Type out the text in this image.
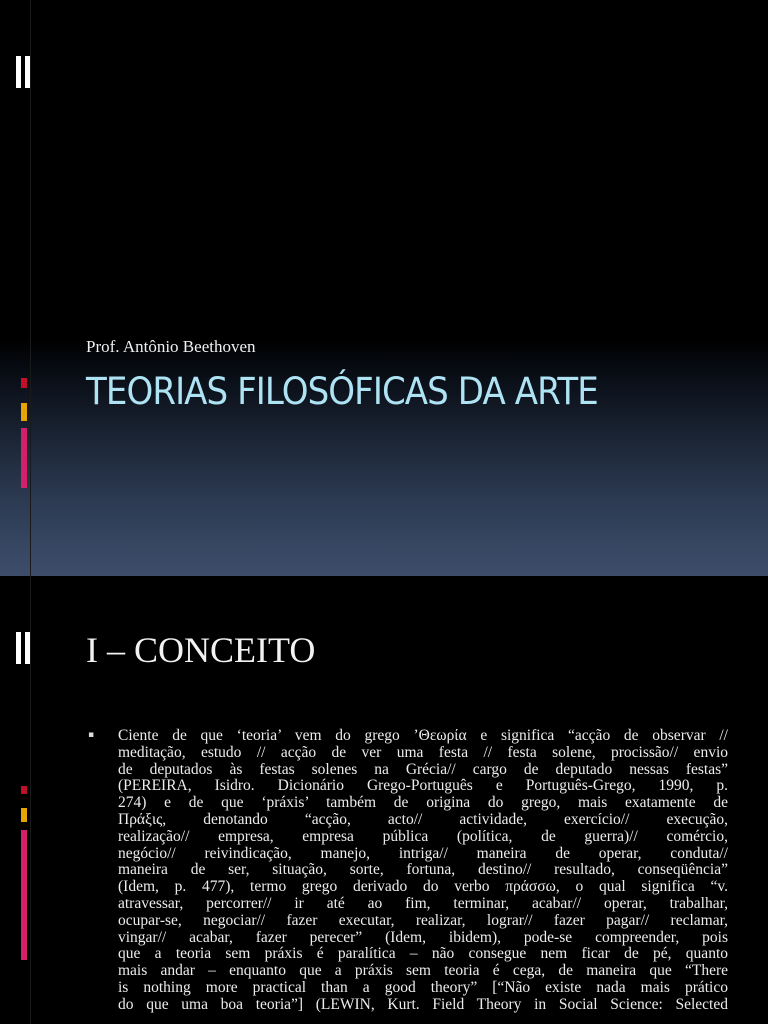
Prof. Antônio Beethoven
TEORIAS FILOSÓFICAS DA ARTE
I – CONCEITO
▪ Ciente de que ‘teoria’ vem do grego ’Θεωρία e significa “acção de observar //
meditação, estudo // acção de ver uma festa // festa solene, procissão// envio
de deputados às festas solenes na Grécia// cargo de deputado nessas festas”
(PEREIRA, Isidro. Dicionário Grego-Português e Português-Grego, 1990, p.
274) e de que ‘práxis’ também de origina do grego, mais exatamente de
Πράξις, denotando “acção, acto// actividade, exercício// execução,
realização// empresa, empresa pública (política, de guerra)// comércio,
negócio// reivindicação, manejo, intriga// maneira de operar, conduta//
maneira de ser, situação, sorte, fortuna, destino// resultado, conseqüência”
(Idem, p. 477), termo grego derivado do verbo πράσσω, o qual significa “v.
atravessar, percorrer// ir até ao fim, terminar, acabar// operar, trabalhar,
ocupar-se, negociar// fazer executar, realizar, lograr// fazer pagar// reclamar,
vingar// acabar, fazer perecer” (Idem, ibidem), pode-se compreender, pois
que a teoria sem práxis é paralítica – não consegue nem ficar de pé, quanto
mais andar – enquanto que a práxis sem teoria é cega, de maneira que “There
is nothing more practical than a good theory” [“Não existe nada mais prático
do que uma boa teoria”] (LEWIN, Kurt. Field Theory in Social Science: Selected
